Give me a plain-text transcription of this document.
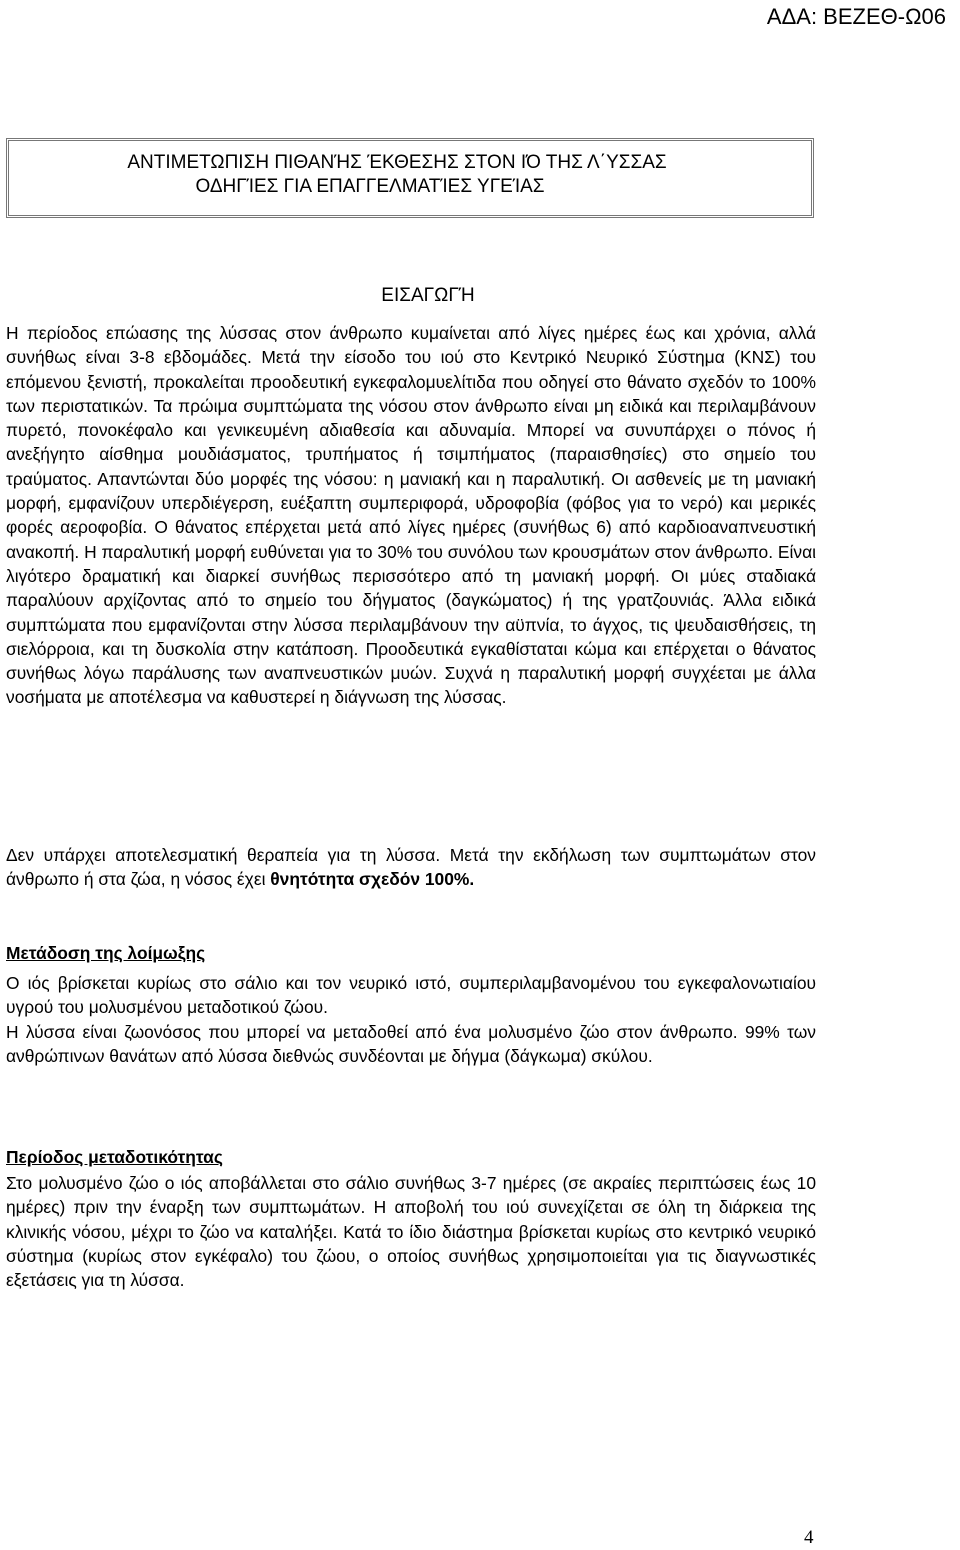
ΑΔΑ: ΒΕΖΕΘ-Ω06
ΑΝΤΙΜΕΤΩΠΙΣΗ ΠΙΘΑΝΉΣ ΈΚΘΕΣΗΣ ΣΤΟΝ ΙΌ ΤΗΣ Λ΄ΥΣΣΑΣ
ΟΔΗΓΊΕΣ ΓΙΑ ΕΠΑΓΓΕΛΜΑΤΊΕΣ ΥΓΕΊΑΣ
ΕΙΣΑΓΩΓΉ
Η περίοδος επώασης της λύσσας στον άνθρωπο κυμαίνεται από λίγες ημέρες έως και χρόνια, αλλά συνήθως είναι 3-8 εβδομάδες. Μετά την είσοδο του ιού στο Κεντρικό Νευρικό Σύστημα (ΚΝΣ) του επόμενου ξενιστή, προκαλείται προοδευτική εγκεφαλομυελίτιδα που οδηγεί στο θάνατο σχεδόν το 100% των περιστατικών. Τα πρώιμα συμπτώματα της νόσου στον άνθρωπο είναι μη ειδικά και περιλαμβάνουν πυρετό, πονοκέφαλο και γενικευμένη αδιαθεσία και αδυναμία. Μπορεί να συνυπάρχει ο πόνος ή ανεξήγητο αίσθημα μουδιάσματος, τρυπήματος ή τσιμπήματος (παραισθησίες) στο σημείο του τραύματος. Απαντώνται δύο μορφές της νόσου: η μανιακή και η παραλυτική. Οι ασθενείς με τη μανιακή μορφή, εμφανίζουν υπερδιέγερση, ευέξαπτη συμπεριφορά, υδροφοβία (φόβος για το νερό) και μερικές φορές αεροφοβία. Ο θάνατος επέρχεται μετά από λίγες ημέρες (συνήθως 6) από καρδιοαναπνευστική ανακοπή. Η παραλυτική μορφή ευθύνεται για το 30% του συνόλου των κρουσμάτων στον άνθρωπο. Είναι λιγότερο δραματική και διαρκεί συνήθως περισσότερο από τη μανιακή μορφή. Οι μύες σταδιακά παραλύουν αρχίζοντας από το σημείο του δήγματος (δαγκώματος) ή της γρατζουνιάς. Άλλα ειδικά συμπτώματα που εμφανίζονται στην λύσσα περιλαμβάνουν την αϋπνία, το άγχος, τις ψευδαισθήσεις, τη σιελόρροια, και τη δυσκολία στην κατάποση. Προοδευτικά εγκαθίσταται κώμα και επέρχεται ο θάνατος συνήθως λόγω παράλυσης των αναπνευστικών μυών. Συχνά η παραλυτική μορφή συγχέεται με άλλα νοσήματα με αποτέλεσμα να καθυστερεί η διάγνωση της λύσσας.
Δεν υπάρχει αποτελεσματική θεραπεία για τη λύσσα. Μετά την εκδήλωση των συμπτωμάτων στον άνθρωπο ή στα ζώα, η νόσος έχει θνητότητα σχεδόν 100%.
Μετάδοση της λοίμωξης
Ο ιός βρίσκεται κυρίως στο σάλιο και τον νευρικό ιστό, συμπεριλαμβανομένου του εγκεφαλονωτιαίου υγρού του μολυσμένου μεταδοτικού ζώου.
Η λύσσα είναι ζωονόσος που μπορεί να μεταδοθεί από ένα μολυσμένο ζώο στον άνθρωπο. 99% των ανθρώπινων θανάτων από λύσσα διεθνώς συνδέονται με δήγμα (δάγκωμα) σκύλου.
Περίοδος μεταδοτικότητας
Στο μολυσμένο ζώο ο ιός αποβάλλεται στο σάλιο συνήθως 3-7 ημέρες (σε ακραίες περιπτώσεις έως 10 ημέρες) πριν την έναρξη των συμπτωμάτων. Η αποβολή του ιού συνεχίζεται σε όλη τη διάρκεια της κλινικής νόσου, μέχρι το ζώο να καταλήξει. Κατά το ίδιο διάστημα βρίσκεται κυρίως στο κεντρικό νευρικό σύστημα (κυρίως στον εγκέφαλο) του ζώου, ο οποίος συνήθως χρησιμοποιείται για τις διαγνωστικές εξετάσεις για τη λύσσα.
4
